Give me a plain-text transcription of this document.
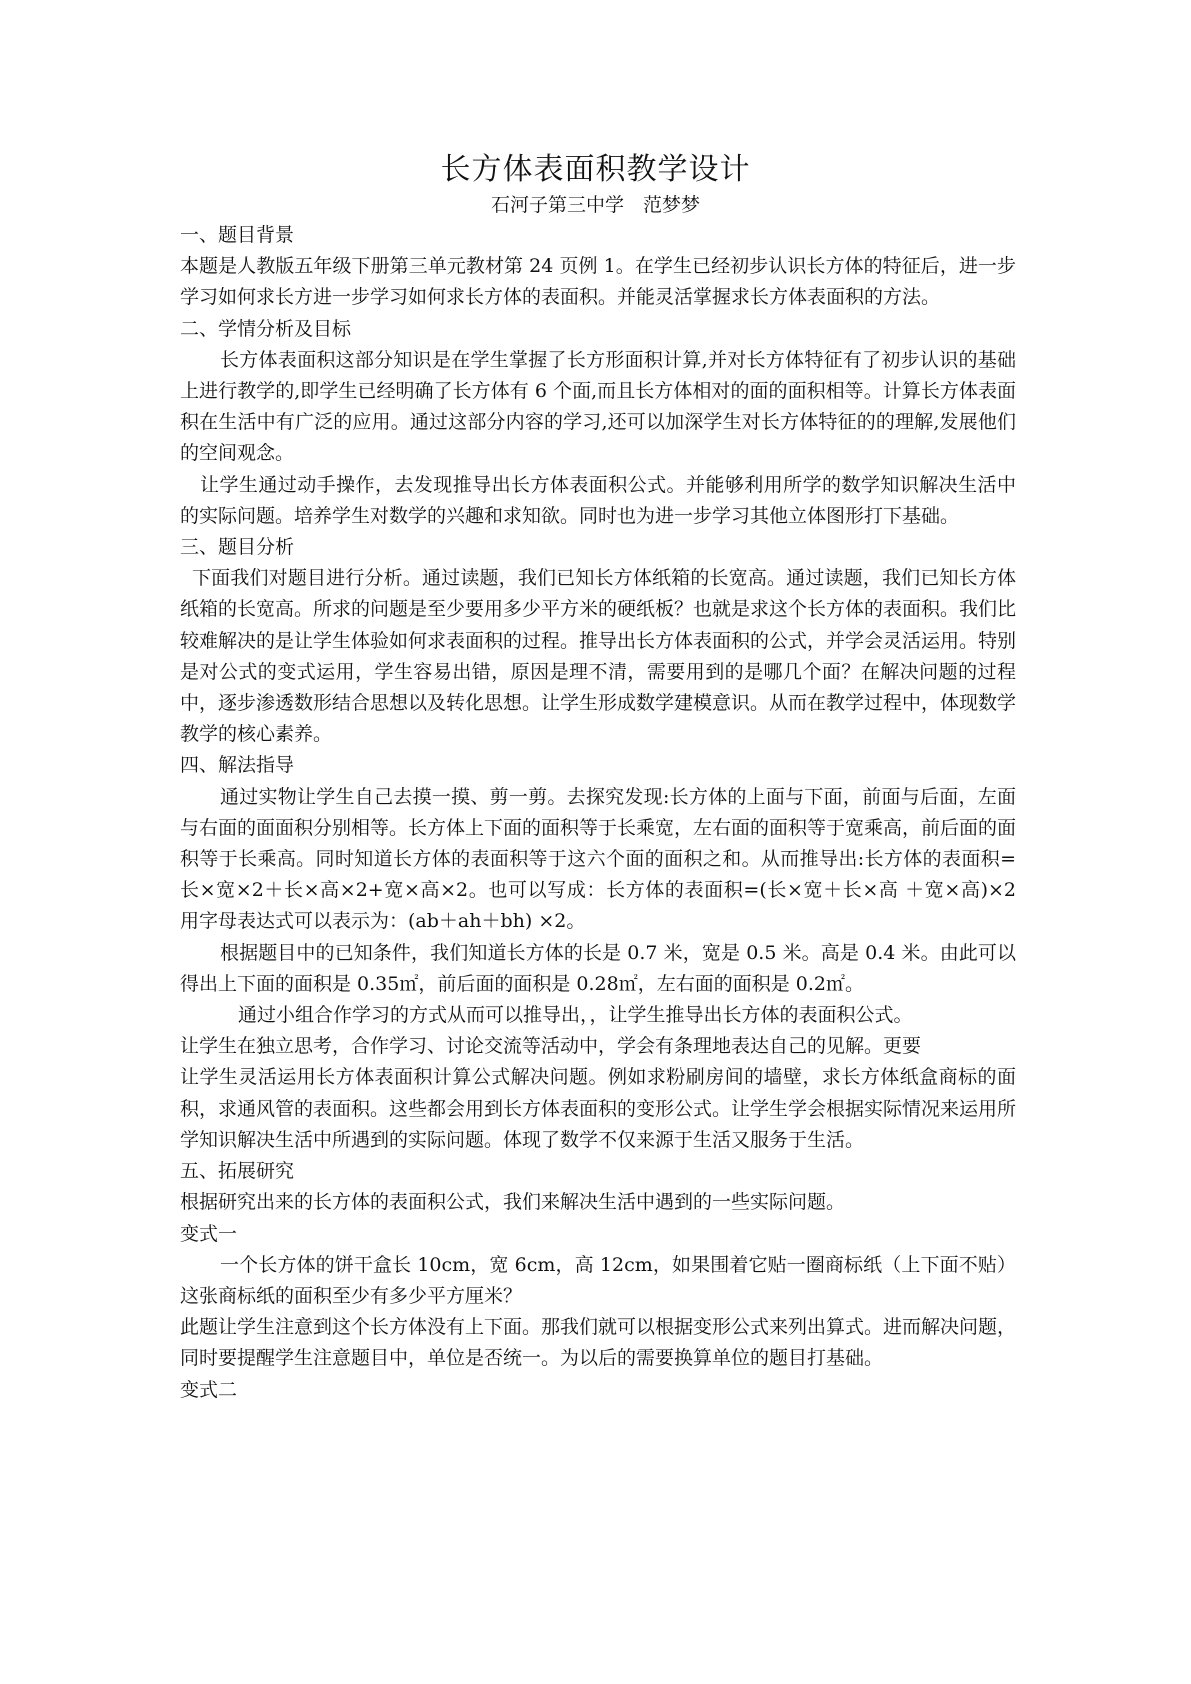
长方体表面积教学设计
石河子第三中学　范梦梦

一、题目背景

本题是人教版五年级下册第三单元教材第 24 页例 1。在学生已经初步认识长方体的特征后，进一步学习如何求长方进一步学习如何求长方体的表面积。并能灵活掌握求长方体表面积的方法。

二、学情分析及目标

长方体表面积这部分知识是在学生掌握了长方形面积计算,并对长方体特征有了初步认识的基础上进行教学的,即学生已经明确了长方体有 6 个面,而且长方体相对的面的面积相等。计算长方体表面积在生活中有广泛的应用。通过这部分内容的学习,还可以加深学生对长方体特征的的理解,发展他们的空间观念。

让学生通过动手操作，去发现推导出长方体表面积公式。并能够利用所学的数学知识解决生活中的实际问题。培养学生对数学的兴趣和求知欲。同时也为进一步学习其他立体图形打下基础。

三、题目分析

下面我们对题目进行分析。通过读题，我们已知长方体纸箱的长宽高。通过读题，我们已知长方体纸箱的长宽高。所求的问题是至少要用多少平方米的硬纸板？也就是求这个长方体的表面积。我们比较难解决的是让学生体验如何求表面积的过程。推导出长方体表面积的公式，并学会灵活运用。特别是对公式的变式运用，学生容易出错，原因是理不清，需要用到的是哪几个面？在解决问题的过程中，逐步渗透数形结合思想以及转化思想。让学生形成数学建模意识。从而在教学过程中，体现数学教学的核心素养。

四、解法指导

通过实物让学生自己去摸一摸、剪一剪。去探究发现:长方体的上面与下面，前面与后面，左面与右面的面面积分别相等。长方体上下面的面积等于长乘宽，左右面的面积等于宽乘高，前后面的面积等于长乘高。同时知道长方体的表面积等于这六个面的面积之和。从而推导出:长方体的表面积=长×宽×2＋长×高×2+宽×高×2。也可以写成：长方体的表面积=(长×宽＋长×高 ＋宽×高)×2 用字母表达式可以表示为：(ab＋ah＋bh) ×2。

根据题目中的已知条件，我们知道长方体的长是 0.7 米，宽是 0.5 米。高是 0.4 米。由此可以得出上下面的面积是 0.35㎡，前后面的面积是 0.28㎡，左右面的面积是 0.2㎡。

通过小组合作学习的方式从而可以推导出，，让学生推导出长方体的表面积公式。

让学生在独立思考，合作学习、讨论交流等活动中，学会有条理地表达自己的见解。更要

让学生灵活运用长方体表面积计算公式解决问题。例如求粉刷房间的墙壁，求长方体纸盒商标的面积，求通风管的表面积。这些都会用到长方体表面积的变形公式。让学生学会根据实际情况来运用所学知识解决生活中所遇到的实际问题。体现了数学不仅来源于生活又服务于生活。

五、拓展研究

根据研究出来的长方体的表面积公式，我们来解决生活中遇到的一些实际问题。

变式一

一个长方体的饼干盒长 10cm，宽 6cm，高 12cm，如果围着它贴一圈商标纸（上下面不贴）这张商标纸的面积至少有多少平方厘米？

此题让学生注意到这个长方体没有上下面。那我们就可以根据变形公式来列出算式。进而解决问题，同时要提醒学生注意题目中，单位是否统一。为以后的需要换算单位的题目打基础。

变式二
